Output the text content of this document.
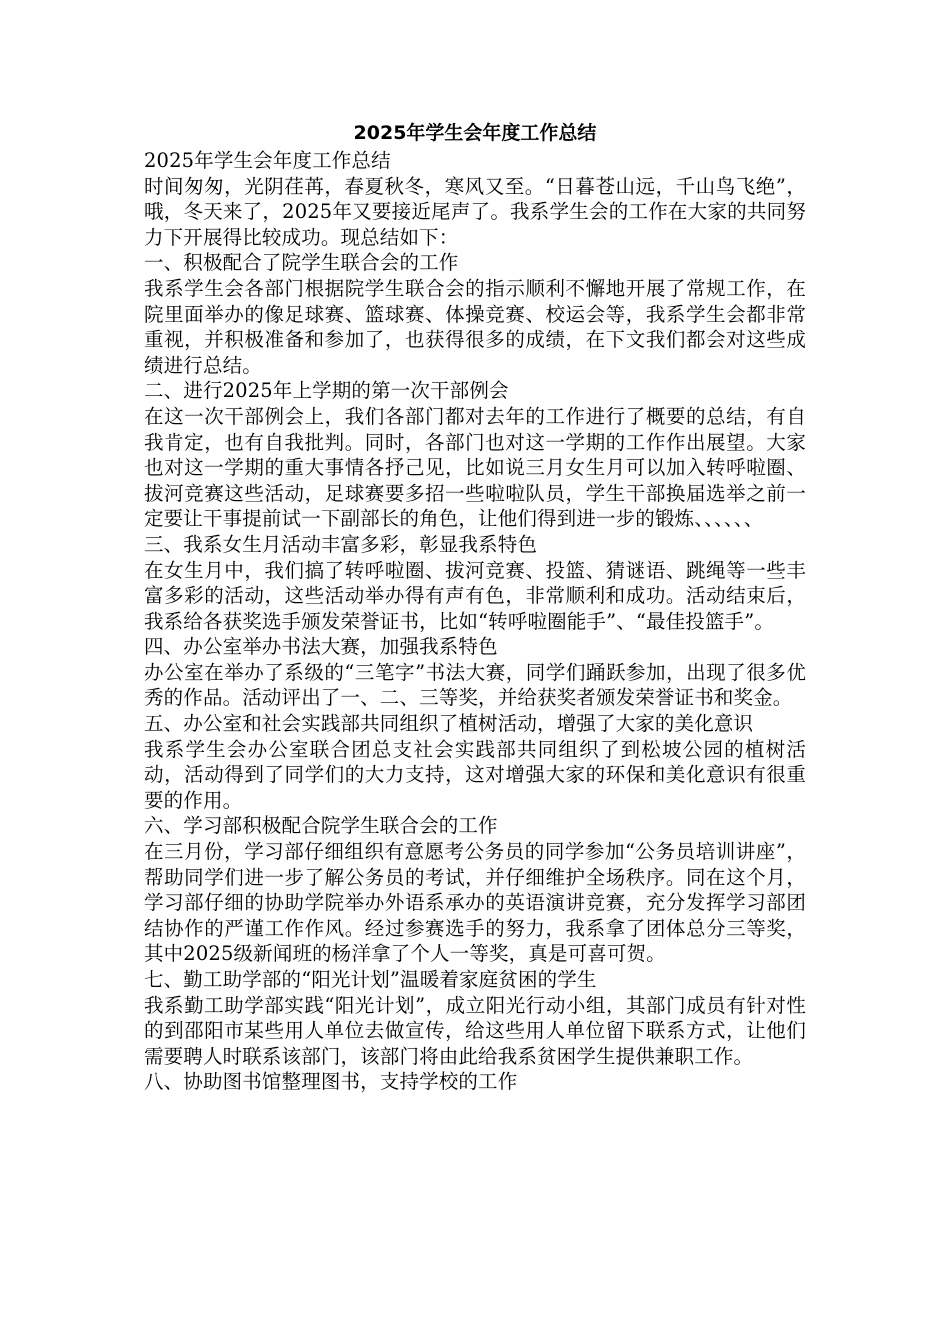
2025年学生会年度工作总结

2025年学生会年度工作总结

时间匆匆，光阴荏苒，春夏秋冬，寒风又至。“日暮苍山远，千山鸟飞绝”，哦，冬天来了，2025年又要接近尾声了。我系学生会的工作在大家的共同努力下开展得比较成功。现总结如下：

一、积极配合了院学生联合会的工作

我系学生会各部门根据院学生联合会的指示顺利不懈地开展了常规工作，在院里面举办的像足球赛、篮球赛、体操竞赛、校运会等，我系学生会都非常重视，并积极准备和参加了，也获得很多的成绩，在下文我们都会对这些成绩进行总结。

二、进行2025年上学期的第一次干部例会

在这一次干部例会上，我们各部门都对去年的工作进行了概要的总结，有自我肯定，也有自我批判。同时，各部门也对这一学期的工作作出展望。大家也对这一学期的重大事情各抒己见，比如说三月女生月可以加入转呼啦圈、拔河竞赛这些活动，足球赛要多招一些啦啦队员，学生干部换届选举之前一定要让干事提前试一下副部长的角色，让他们得到进一步的锻炼、、、、、、

三、我系女生月活动丰富多彩，彰显我系特色

在女生月中，我们搞了转呼啦圈、拔河竞赛、投篮、猜谜语、跳绳等一些丰富多彩的活动，这些活动举办得有声有色，非常顺利和成功。活动结束后，我系给各获奖选手颁发荣誉证书，比如“转呼啦圈能手”、“最佳投篮手”。

四、办公室举办书法大赛，加强我系特色

办公室在举办了系级的“三笔字”书法大赛，同学们踊跃参加，出现了很多优秀的作品。活动评出了一、二、三等奖，并给获奖者颁发荣誉证书和奖金。

五、办公室和社会实践部共同组织了植树活动，增强了大家的美化意识

我系学生会办公室联合团总支社会实践部共同组织了到松坡公园的植树活动，活动得到了同学们的大力支持，这对增强大家的环保和美化意识有很重要的作用。

六、学习部积极配合院学生联合会的工作

在三月份，学习部仔细组织有意愿考公务员的同学参加“公务员培训讲座”，帮助同学们进一步了解公务员的考试，并仔细维护全场秩序。同在这个月，学习部仔细的协助学院举办外语系承办的英语演讲竞赛，充分发挥学习部团结协作的严谨工作作风。经过参赛选手的努力，我系拿了团体总分三等奖，其中2025级新闻班的杨洋拿了个人一等奖，真是可喜可贺。

七、勤工助学部的“阳光计划”温暖着家庭贫困的学生

我系勤工助学部实践“阳光计划”，成立阳光行动小组，其部门成员有针对性的到邵阳市某些用人单位去做宣传，给这些用人单位留下联系方式，让他们需要聘人时联系该部门，该部门将由此给我系贫困学生提供兼职工作。

八、协助图书馆整理图书，支持学校的工作
